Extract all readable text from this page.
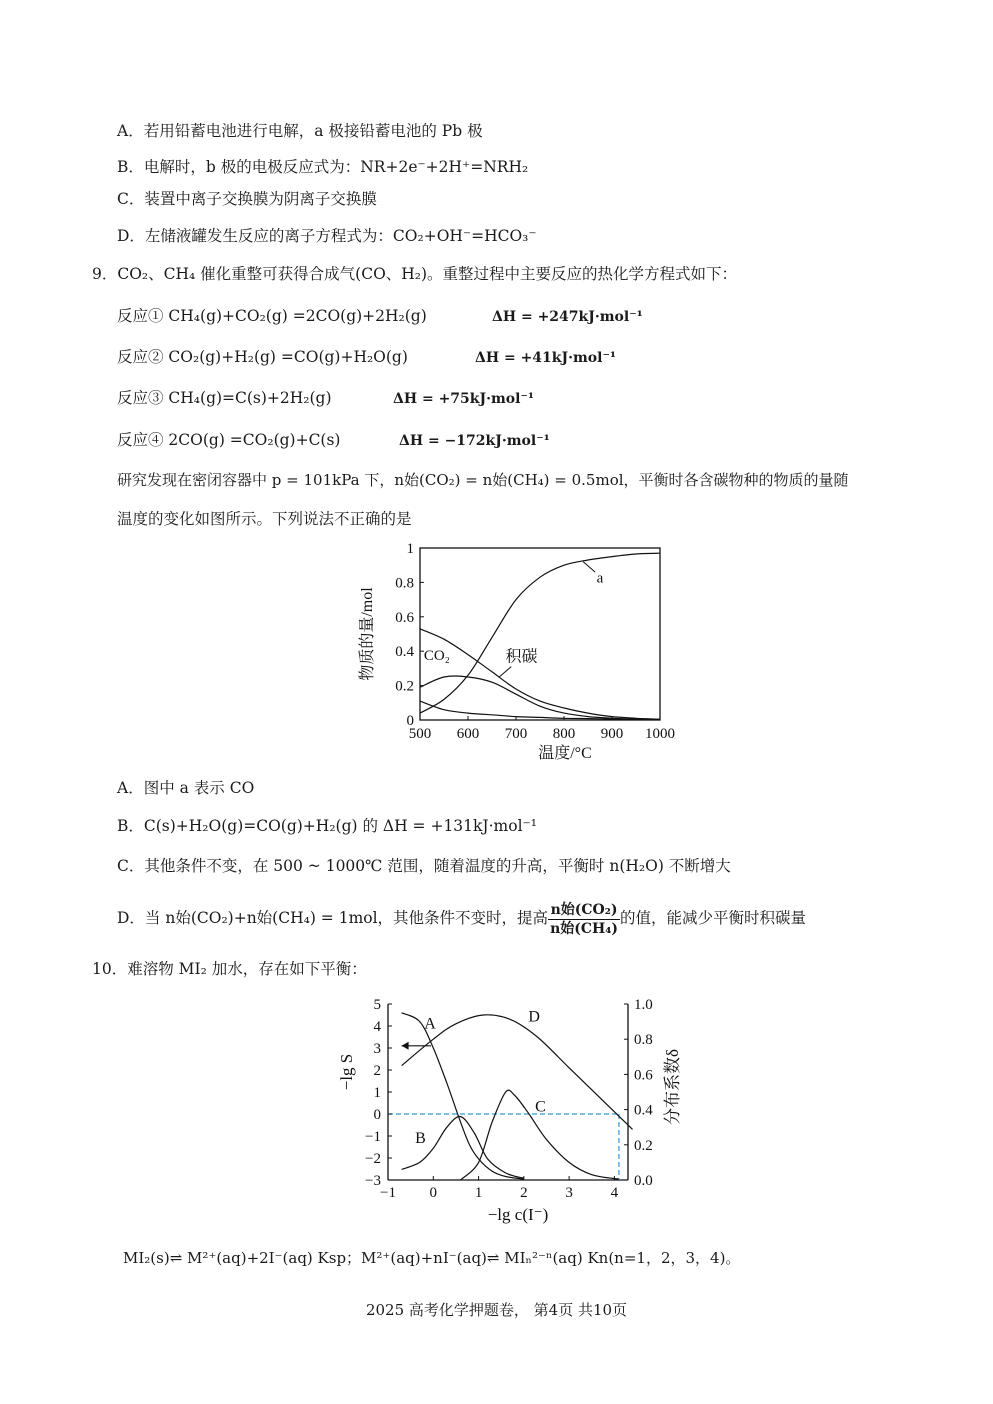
A．若用铅蓄电池进行电解，a 极接铅蓄电池的 Pb 极
B．电解时，b 极的电极反应式为：NR+2e⁻+2H⁺=NRH₂
C．装置中离子交换膜为阴离子交换膜
D．左储液罐发生反应的离子方程式为：CO₂+OH⁻=HCO₃⁻
9．CO₂、CH₄ 催化重整可获得合成气(CO、H₂)。重整过程中主要反应的热化学方程式如下：
反应① CH₄(g)+CO₂(g) =2CO(g)+2H₂(g)	ΔH = +247kJ·mol⁻¹
反应② CO₂(g)+H₂(g) =CO(g)+H₂O(g)	ΔH = +41kJ·mol⁻¹
反应③ CH₄(g)=C(s)+2H₂(g)	ΔH = +75kJ·mol⁻¹
反应④ 2CO(g) =CO₂(g)+C(s)	ΔH = −172kJ·mol⁻¹
研究发现在密闭容器中 p = 101kPa 下，n始(CO₂) = n始(CH₄) = 0.5mol，平衡时各含碳物种的物质的量随
温度的变化如图所示。下列说法不正确的是
500 600 700 800 900 1000
0
0.2
0.4
0.6
0.8
1
a
CO₂	积碳
温度/°C
物质的量/mol
A．图中 a 表示 CO
B．C(s)+H₂O(g)=CO(g)+H₂(g) 的 ΔH = +131kJ·mol⁻¹
C．其他条件不变，在 500 ~ 1000℃ 范围，随着温度的升高，平衡时 n(H₂O) 不断增大
D．当 n始(CO₂)+n始(CH₄) = 1mol，其他条件不变时，提高 $\frac{\text{n始(CO₂)}}{\text{n始(CH₄)}}$ 的值，能减少平衡时积碳量
10．难溶物 MI₂ 加水，存在如下平衡：
−1 0	1	2	3	4
−3
−2
−1
0
1
2
3
4
5
0.0
0.2
0.4
0.6
0.8
1.0
A
B
C
D
−lg c(I⁻)
−lg S	分布系数δ
MI₂(s)⇌ M²⁺(aq)+2I⁻(aq) Ksp；M²⁺(aq)+nI⁻(aq)⇌ MIₙ²⁻ⁿ(aq) Kn(n=1，2，3，4)。
2025 高考化学押题卷， 第4页 共10页
